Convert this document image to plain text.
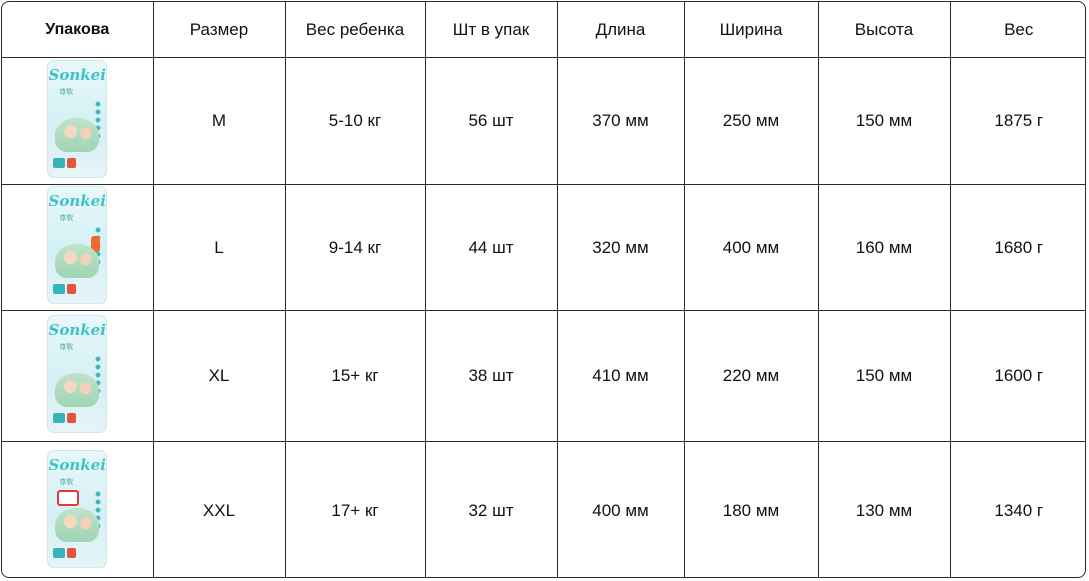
Упакова	Размер	Вес ребенка	Шт в упак	Длина	Ширина	Высота	Вес

Sonkei
尊敬	M	5-10 кг	56 шт	370 мм	250 мм	150 мм	1875 г

Sonkei
尊敬	L	9-14 кг	44 шт	320 мм	400 мм	160 мм	1680 г

Sonkei
尊敬	XL	15+ кг	38 шт	410 мм	220 мм	150 мм	1600 г

Sonkei
尊敬	XXL	17+ кг	32 шт	400 мм	180 мм	130 мм	1340 г
